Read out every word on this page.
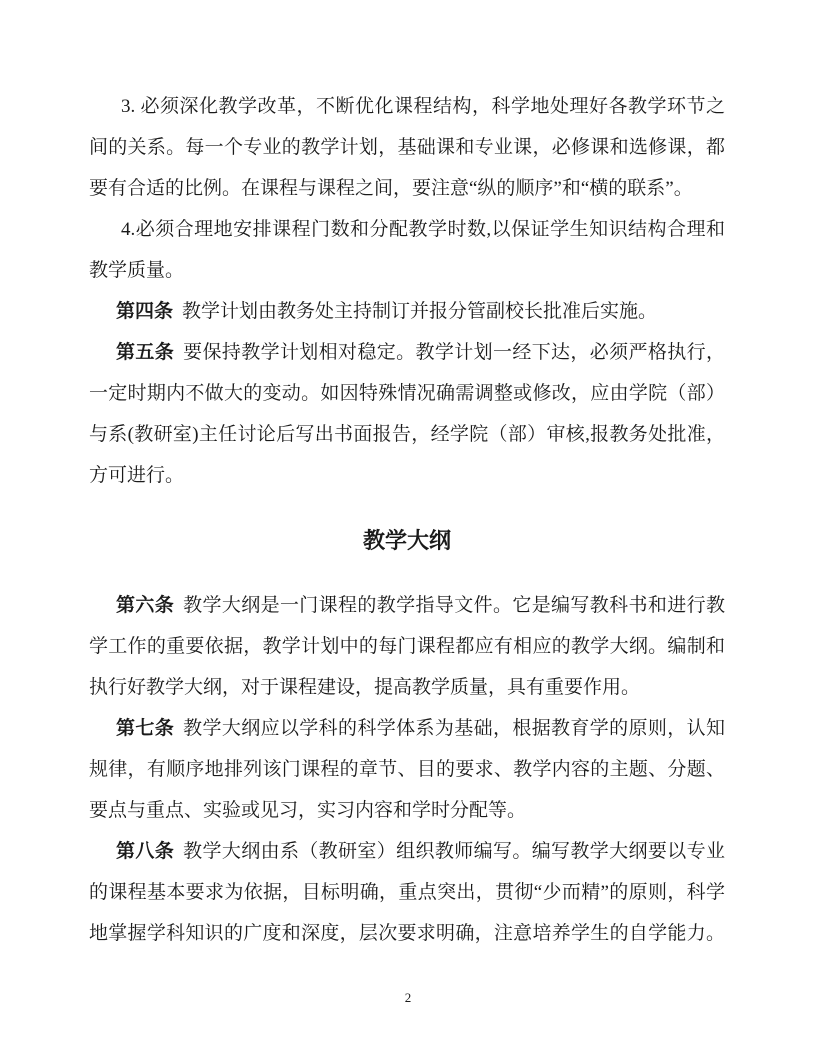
3. 必须深化教学改革，不断优化课程结构，科学地处理好各教学环节之
间的关系。每一个专业的教学计划，基础课和专业课，必修课和选修课，都
要有合适的比例。在课程与课程之间，要注意“纵的顺序”和“横的联系”。
4.必须合理地安排课程门数和分配教学时数,以保证学生知识结构合理和
教学质量。
第四条 教学计划由教务处主持制订并报分管副校长批准后实施。
第五条 要保持教学计划相对稳定。教学计划一经下达，必须严格执行，
一定时期内不做大的变动。如因特殊情况确需调整或修改，应由学院（部）
与系(教研室)主任讨论后写出书面报告，经学院（部）审核,报教务处批准，
方可进行。
教学大纲
第六条 教学大纲是一门课程的教学指导文件。它是编写教科书和进行教
学工作的重要依据，教学计划中的每门课程都应有相应的教学大纲。编制和
执行好教学大纲，对于课程建设，提高教学质量，具有重要作用。
第七条 教学大纲应以学科的科学体系为基础，根据教育学的原则，认知
规律，有顺序地排列该门课程的章节、目的要求、教学内容的主题、分题、
要点与重点、实验或见习，实习内容和学时分配等。
第八条 教学大纲由系（教研室）组织教师编写。编写教学大纲要以专业
的课程基本要求为依据，目标明确，重点突出，贯彻“少而精”的原则，科学
地掌握学科知识的广度和深度，层次要求明确，注意培养学生的自学能力。
2
